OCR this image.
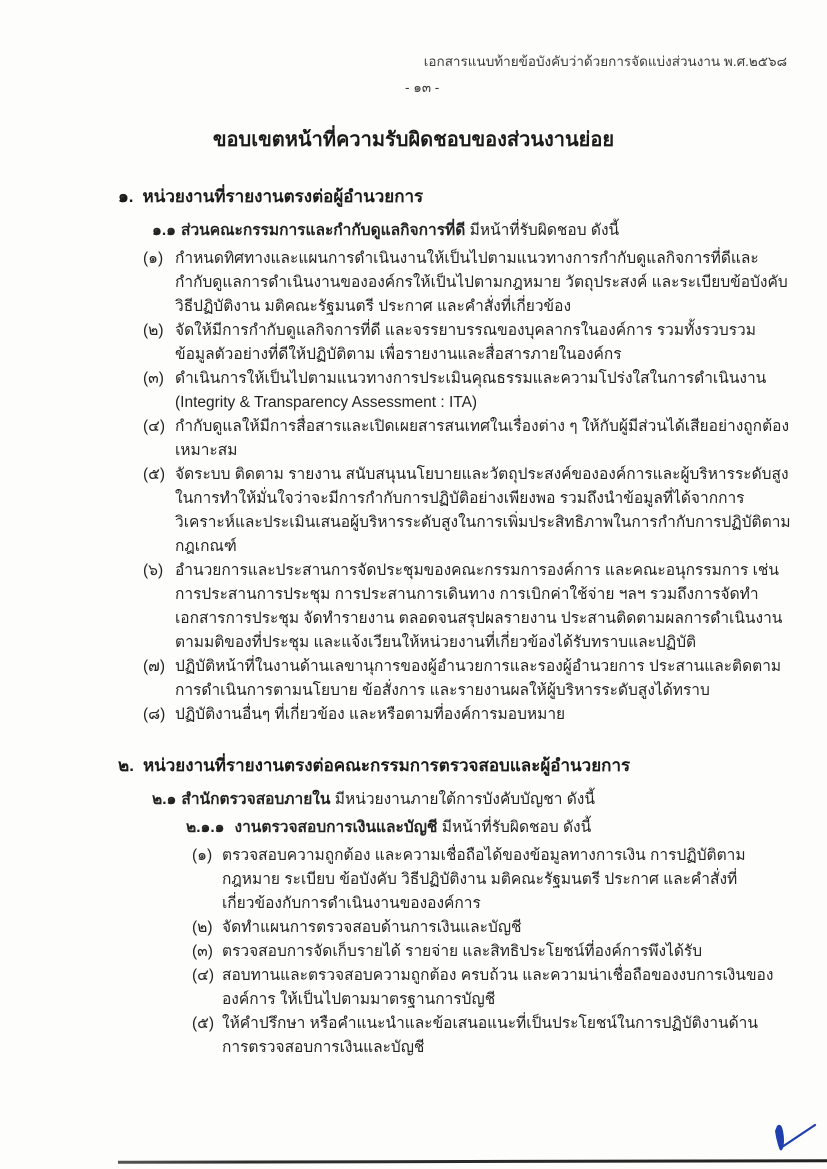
เอกสารแนบท้ายข้อบังคับว่าด้วยการจัดแบ่งส่วนงาน พ.ศ.๒๕๖๘
- ๑๓ -
ขอบเขตหน้าที่ความรับผิดชอบของส่วนงานย่อย
๑. หน่วยงานที่รายงานตรงต่อผู้อำนวยการ
๑.๑ ส่วนคณะกรรมการและกำกับดูแลกิจการที่ดี มีหน้าที่รับผิดชอบ ดังนี้
(๑) กำหนดทิศทางและแผนการดำเนินงานให้เป็นไปตามแนวทางการกำกับดูแลกิจการที่ดีและกำกับดูแลการดำเนินงานขององค์กรให้เป็นไปตามกฎหมาย วัตถุประสงค์ และระเบียบข้อบังคับ วิธีปฏิบัติงาน มติคณะรัฐมนตรี ประกาศ และคำสั่งที่เกี่ยวข้อง
(๒) จัดให้มีการกำกับดูแลกิจการที่ดี และจรรยาบรรณของบุคลากรในองค์การ รวมทั้งรวบรวมข้อมูลตัวอย่างที่ดีให้ปฏิบัติตาม เพื่อรายงานและสื่อสารภายในองค์กร
(๓) ดำเนินการให้เป็นไปตามแนวทางการประเมินคุณธรรมและความโปร่งใสในการดำเนินงาน (Integrity & Transparency Assessment : ITA)
(๔) กำกับดูแลให้มีการสื่อสารและเปิดเผยสารสนเทศในเรื่องต่าง ๆ ให้กับผู้มีส่วนได้เสียอย่างถูกต้องเหมาะสม
(๕) จัดระบบ ติดตาม รายงาน สนับสนุนนโยบายและวัตถุประสงค์ขององค์การและผู้บริหารระดับสูงในการทำให้มั่นใจว่าจะมีการกำกับการปฏิบัติอย่างเพียงพอ รวมถึงนำข้อมูลที่ได้จากการวิเคราะห์และประเมินเสนอผู้บริหารระดับสูงในการเพิ่มประสิทธิภาพในการกำกับการปฏิบัติตามกฎเกณฑ์
(๖) อำนวยการและประสานการจัดประชุมของคณะกรรมการองค์การ และคณะอนุกรรมการ เช่น การประสานการประชุม การประสานการเดินทาง การเบิกค่าใช้จ่าย ฯลฯ รวมถึงการจัดทำเอกสารการประชุม จัดทำรายงาน ตลอดจนสรุปผลรายงาน ประสานติดตามผลการดำเนินงานตามมติของที่ประชุม และแจ้งเวียนให้หน่วยงานที่เกี่ยวข้องได้รับทราบและปฏิบัติ
(๗) ปฏิบัติหน้าที่ในงานด้านเลขานุการของผู้อำนวยการและรองผู้อำนวยการ ประสานและติดตามการดำเนินการตามนโยบาย ข้อสั่งการ และรายงานผลให้ผู้บริหารระดับสูงได้ทราบ
(๘) ปฏิบัติงานอื่นๆ ที่เกี่ยวข้อง และหรือตามที่องค์การมอบหมาย
๒. หน่วยงานที่รายงานตรงต่อคณะกรรมการตรวจสอบและผู้อำนวยการ
๒.๑ สำนักตรวจสอบภายใน มีหน่วยงานภายใต้การบังคับบัญชา ดังนี้
๒.๑.๑ งานตรวจสอบการเงินและบัญชี มีหน้าที่รับผิดชอบ ดังนี้
(๑) ตรวจสอบความถูกต้อง และความเชื่อถือได้ของข้อมูลทางการเงิน การปฏิบัติตามกฎหมาย ระเบียบ ข้อบังคับ วิธีปฏิบัติงาน มติคณะรัฐมนตรี ประกาศ และคำสั่งที่เกี่ยวข้องกับการดำเนินงานขององค์การ
(๒) จัดทำแผนการตรวจสอบด้านการเงินและบัญชี
(๓) ตรวจสอบการจัดเก็บรายได้ รายจ่าย และสิทธิประโยชน์ที่องค์การพึงได้รับ
(๔) สอบทานและตรวจสอบความถูกต้อง ครบถ้วน และความน่าเชื่อถือของงบการเงินขององค์การ ให้เป็นไปตามมาตรฐานการบัญชี
(๕) ให้คำปรึกษา หรือคำแนะนำและข้อเสนอแนะที่เป็นประโยชน์ในการปฏิบัติงานด้านการตรวจสอบการเงินและบัญชี
